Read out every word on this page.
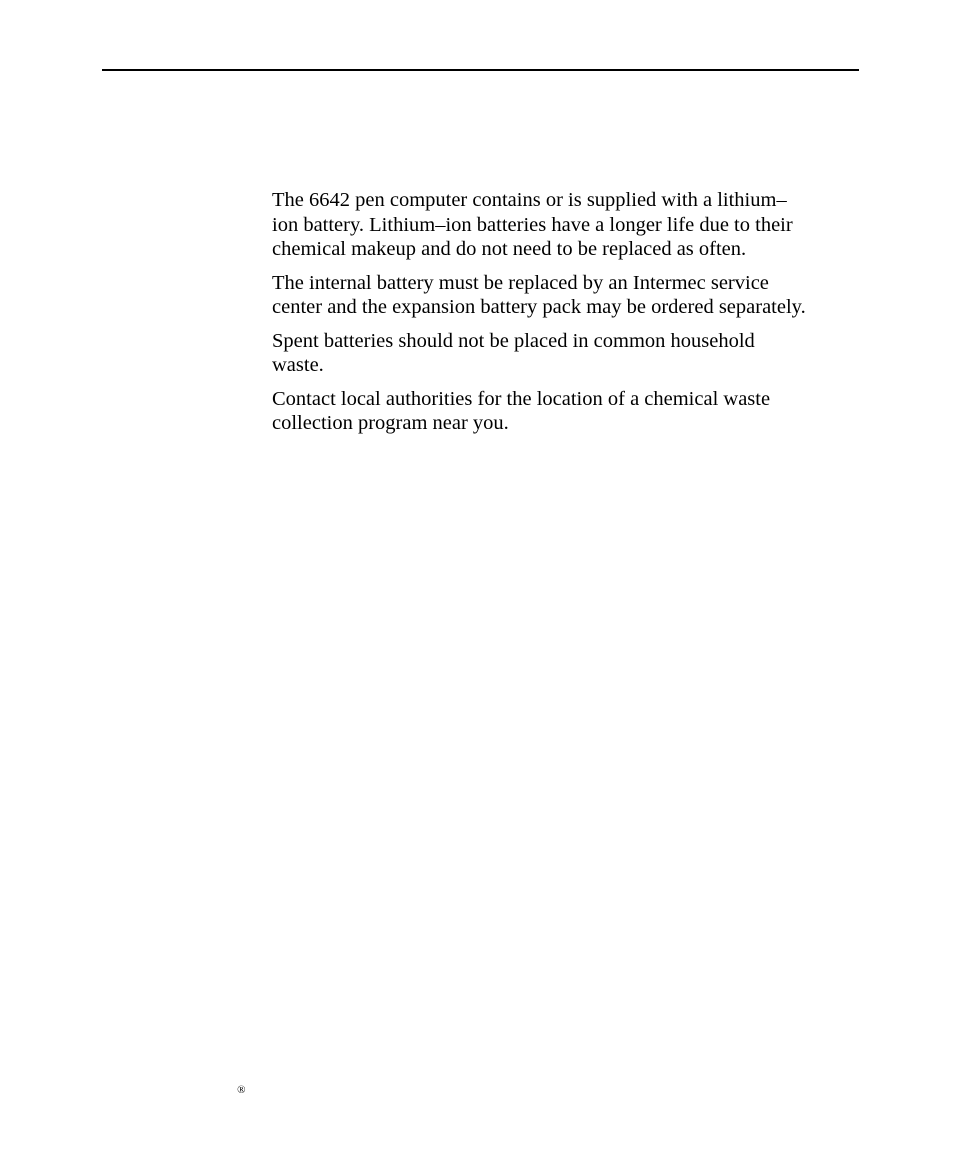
The 6642 pen computer contains or is supplied with a lithium–
ion battery. Lithium–ion batteries have a longer life due to their
chemical makeup and do not need to be replaced as often.

The internal battery must be replaced by an Intermec service
center and the expansion battery pack may be ordered separately.

Spent batteries should not be placed in common household
waste.

Contact local authorities for the location of a chemical waste
collection program near you.

®
